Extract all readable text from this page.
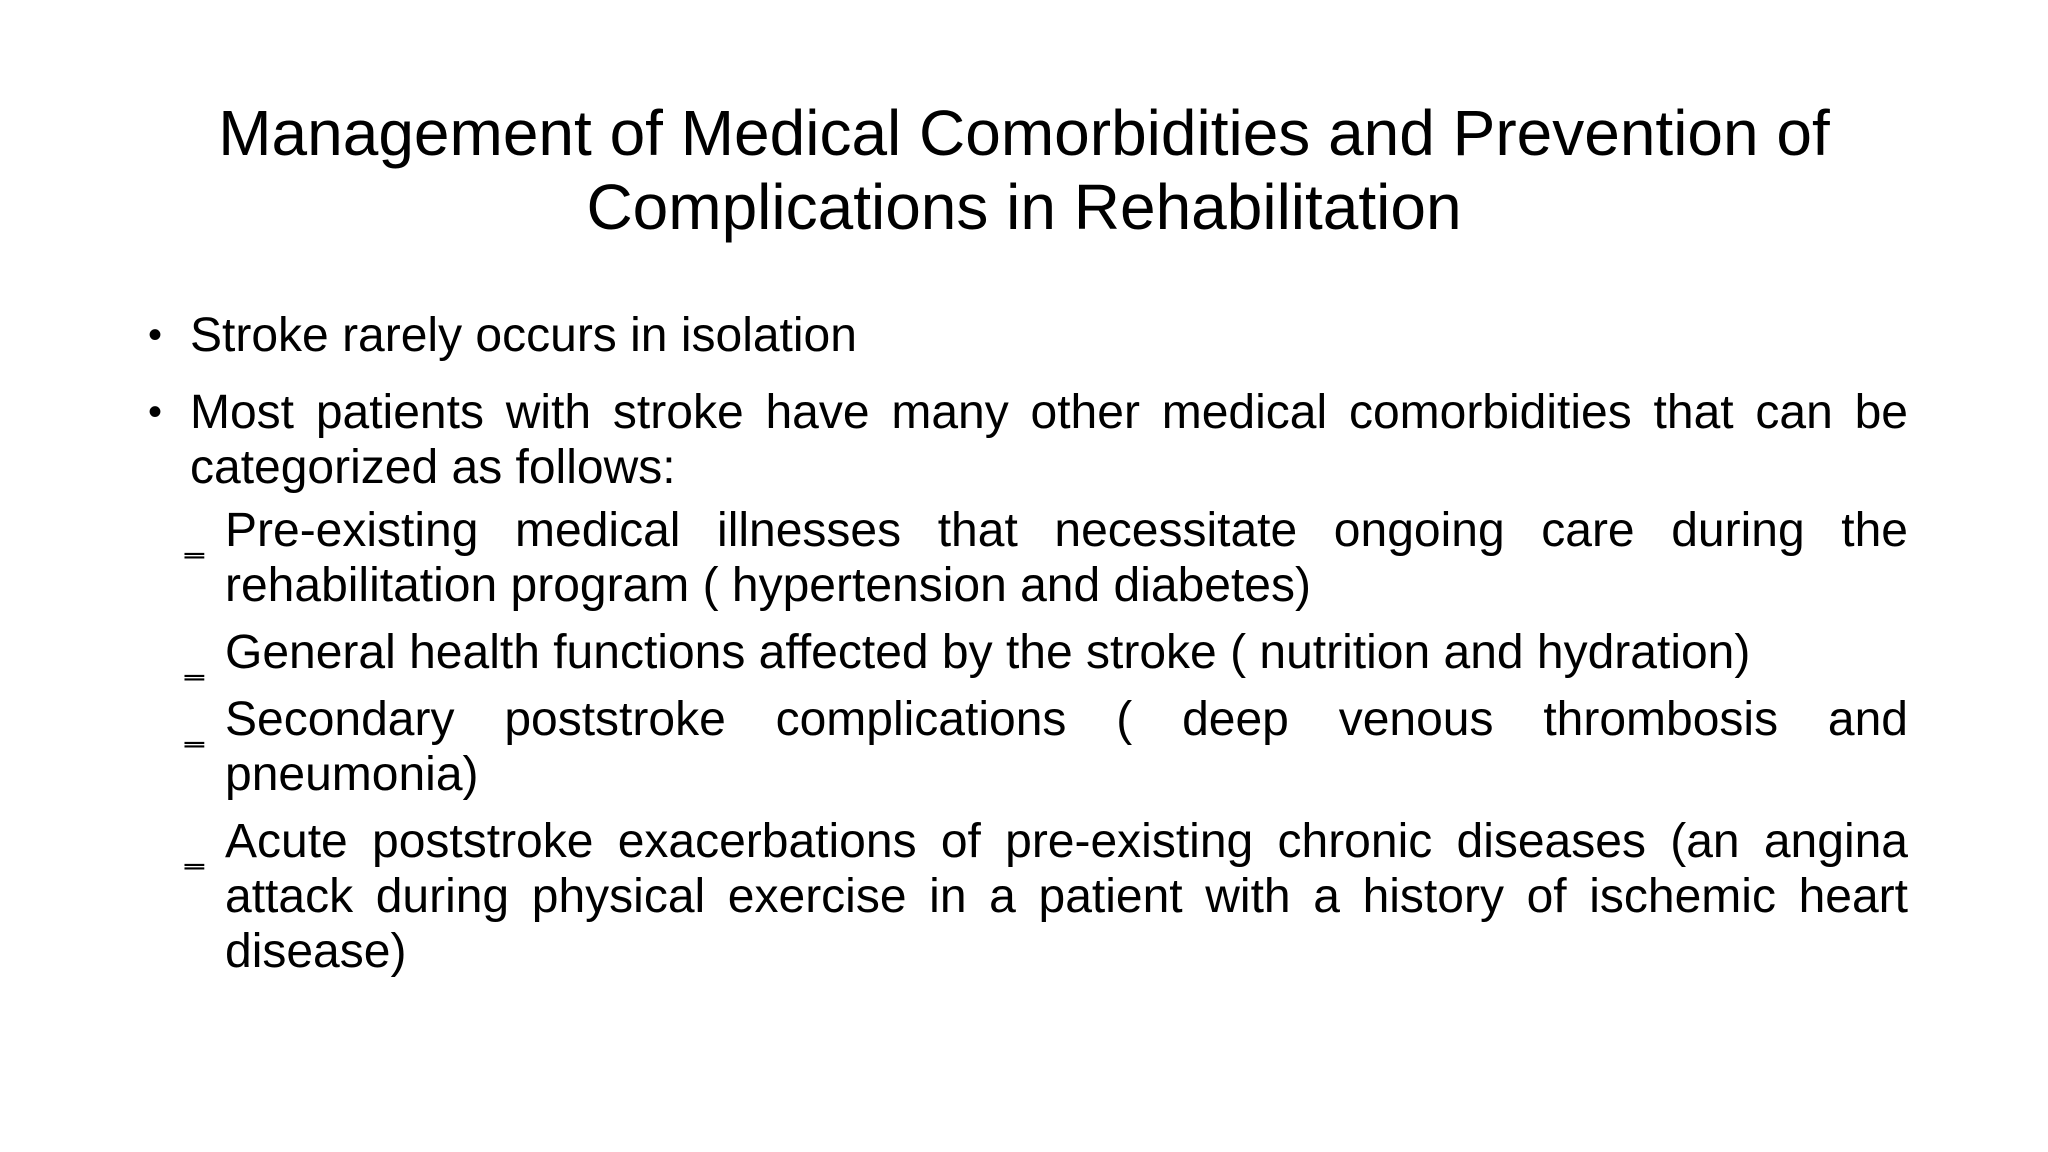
Management of Medical Comorbidities and Prevention of
Complications in Rehabilitation
• Stroke rarely occurs in isolation
• Most patients with stroke have many other medical comorbidities that can be categorized as follows:
‗ Pre-existing medical illnesses that necessitate ongoing care during the rehabilitation program ( hypertension and diabetes)
‗ General health functions affected by the stroke ( nutrition and hydration)
‗ Secondary poststroke complications ( deep venous thrombosis and pneumonia)
‗ Acute poststroke exacerbations of pre-existing chronic diseases (an angina attack during physical exercise in a patient with a history of ischemic heart disease)
